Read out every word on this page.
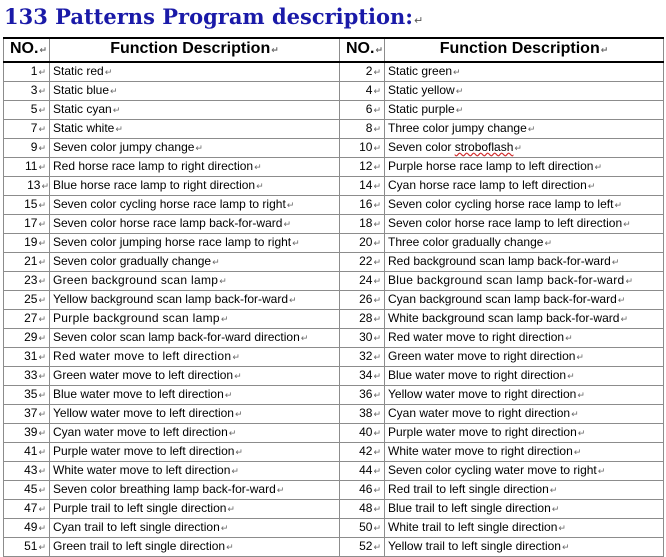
133 Patterns Program description:↵
NO.↵	Function Description↵	NO.↵	Function Description↵
1↵	Static red↵	2↵	Static green↵
3↵	Static blue↵	4↵	Static yellow↵
5↵	Static cyan↵	6↵	Static purple↵
7↵	Static white↵	8↵	Three color jumpy change↵
9↵	Seven color jumpy change↵	10↵	Seven color stroboflash↵
11↵	Red horse race lamp to right direction↵	12↵	Purple horse race lamp to left direction↵
13↵	Blue horse race lamp to right direction↵	14↵	Cyan horse race lamp to left direction↵
15↵	Seven color cycling horse race lamp to right↵	16↵	Seven color cycling horse race lamp to left↵
17↵	Seven color horse race lamp back-for-ward↵	18↵	Seven color horse race lamp to left direction↵
19↵	Seven color jumping horse race lamp to right↵	20↵	Three color gradually change↵
21↵	Seven color gradually change↵	22↵	Red background scan lamp back-for-ward↵
23↵	Green background scan lamp↵	24↵	Blue background scan lamp back-for-ward↵
25↵	Yellow background scan lamp back-for-ward↵	26↵	Cyan background scan lamp back-for-ward↵
27↵	Purple background scan lamp↵	28↵	White background scan lamp back-for-ward↵
29↵	Seven color scan lamp back-for-ward direction↵	30↵	Red water move to right direction↵
31↵	Red water move to left direction↵	32↵	Green water move to right direction↵
33↵	Green water move to left direction↵	34↵	Blue water move to right direction↵
35↵	Blue water move to left direction↵	36↵	Yellow water move to right direction↵
37↵	Yellow water move to left direction↵	38↵	Cyan water move to right direction↵
39↵	Cyan water move to left direction↵	40↵	Purple water move to right direction↵
41↵	Purple water move to left direction↵	42↵	White water move to right direction↵
43↵	White water move to left direction↵	44↵	Seven color cycling water move to right↵
45↵	Seven color breathing lamp back-for-ward↵	46↵	Red trail to left single direction↵
47↵	Purple trail to left single direction↵	48↵	Blue trail to left single direction↵
49↵	Cyan trail to left single direction↵	50↵	White trail to left single direction↵
51↵	Green trail to left single direction↵	52↵	Yellow trail to left single direction↵
